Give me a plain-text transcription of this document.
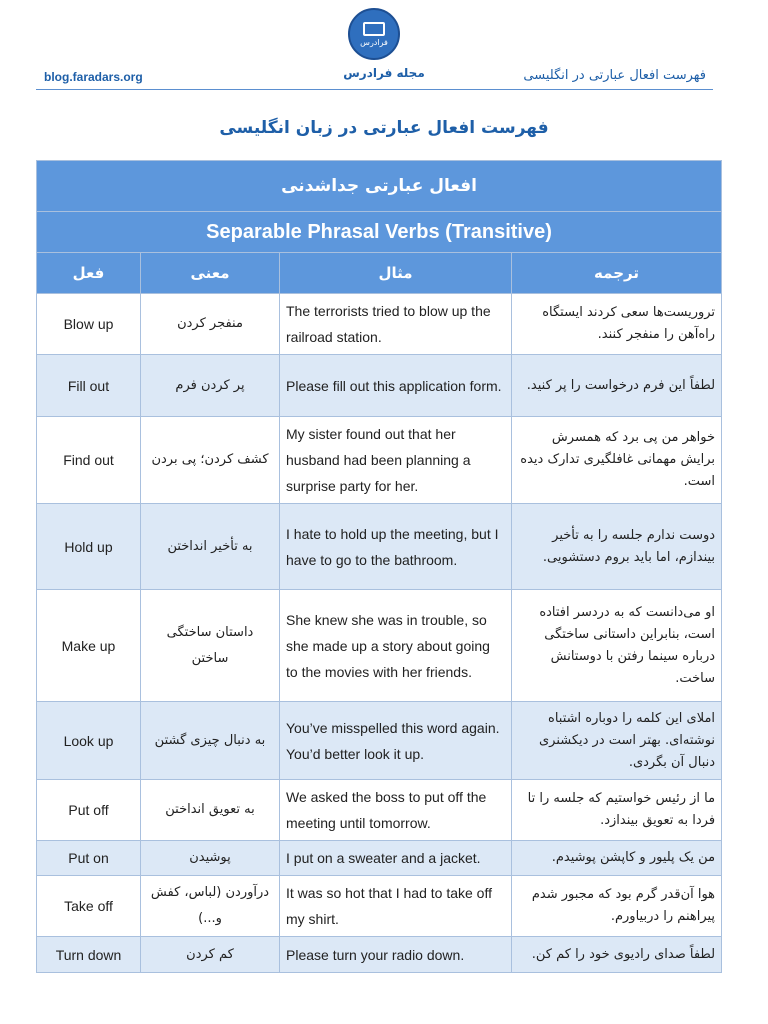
فرادرس
blog.faradars.org	مجله فرادرس	فهرست افعال عبارتی در انگلیسی
فهرست افعال عبارتی در زبان انگلیسی
افعال عبارتی جداشدنی			
Separable Phrasal Verbs (Transitive)			
فعل	معنی	مثال	ترجمه
Blow up	منفجر کردن	The terrorists tried to blow up the railroad station.	تروریست‌ها سعی کردند ایستگاه راه‌آهن را منفجر کنند.
Fill out	پر کردن فرم	Please fill out this application form.	لطفاً این فرم درخواست را پر کنید.
Find out	کشف کردن؛ پی بردن	My sister found out that her husband had been planning a surprise party for her.	خواهر من پی برد که همسرش برایش مهمانی غافلگیری تدارک دیده است.
Hold up	به تأخیر انداختن	I hate to hold up the meeting, but I have to go to the bathroom.	دوست ندارم جلسه را به تأخیر بیندازم، اما باید بروم دستشویی.
Make up	داستان ساختگی ساختن	She knew she was in trouble, so she made up a story about going to the movies with her friends.	او می‌دانست که به دردسر افتاده است، بنابراین داستانی ساختگی درباره سینما رفتن با دوستانش ساخت.
Look up	به دنبال چیزی گشتن	You’ve misspelled this word again. You’d better look it up.	املای این کلمه را دوباره اشتباه نوشته‌ای. بهتر است در دیکشنری دنبال آن بگردی.
Put off	به تعویق انداختن	We asked the boss to put off the meeting until tomorrow.	ما از رئیس خواستیم که جلسه را تا فردا به تعویق بیندازد.
Put on	پوشیدن	I put on a sweater and a jacket.	من یک پلیور و کاپشن پوشیدم.
Take off	درآوردن (لباس، کفش و...)	It was so hot that I had to take off my shirt.	هوا آن‌قدر گرم بود که مجبور شدم پیراهنم را دربیاورم.
Turn down	کم کردن	Please turn your radio down.	لطفاً صدای رادیوی خود را کم کن.
